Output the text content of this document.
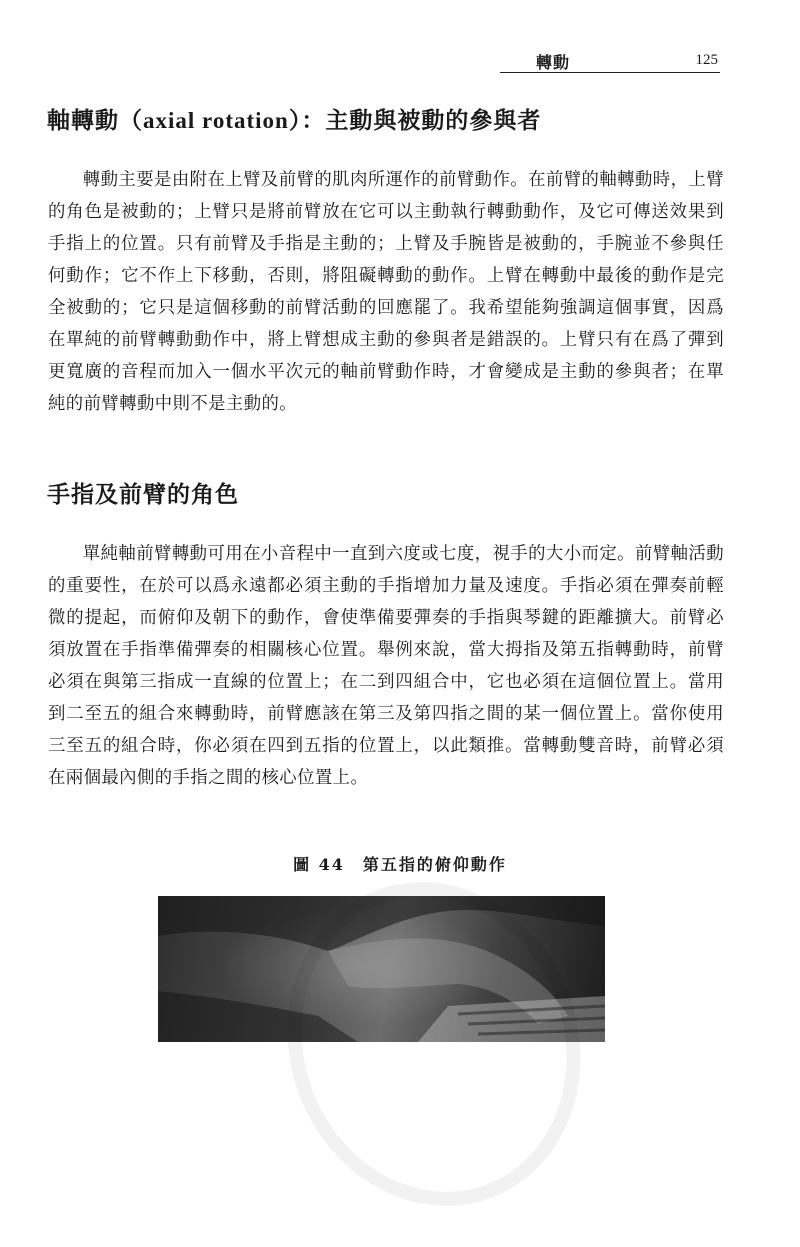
轉動	125
軸轉動（axial rotation）：主動與被動的參與者

轉動主要是由附在上臂及前臂的肌肉所運作的前臂動作。在前臂的軸轉動時，上臂的角色是被動的；上臂只是將前臂放在它可以主動執行轉動動作，及它可傳送效果到手指上的位置。只有前臂及手指是主動的；上臂及手腕皆是被動的，手腕並不參與任何動作；它不作上下移動，否則，將阻礙轉動的動作。上臂在轉動中最後的動作是完全被動的；它只是這個移動的前臂活動的回應罷了。我希望能夠強調這個事實，因爲在單純的前臂轉動動作中，將上臂想成主動的參與者是錯誤的。上臂只有在爲了彈到更寬廣的音程而加入一個水平次元的軸前臂動作時，才會變成是主動的參與者；在單純的前臂轉動中則不是主動的。

手指及前臂的角色

單純軸前臂轉動可用在小音程中一直到六度或七度，視手的大小而定。前臂軸活動的重要性，在於可以爲永遠都必須主動的手指增加力量及速度。手指必須在彈奏前輕微的提起，而俯仰及朝下的動作，會使準備要彈奏的手指與琴鍵的距離擴大。前臂必須放置在手指準備彈奏的相關核心位置。舉例來說，當大拇指及第五指轉動時，前臂必須在與第三指成一直線的位置上；在二到四組合中，它也必須在這個位置上。當用到二至五的組合來轉動時，前臂應該在第三及第四指之間的某一個位置上。當你使用三至五的組合時，你必須在四到五指的位置上，以此類推。當轉動雙音時，前臂必須在兩個最內側的手指之間的核心位置上。

圖 44　第五指的俯仰動作
